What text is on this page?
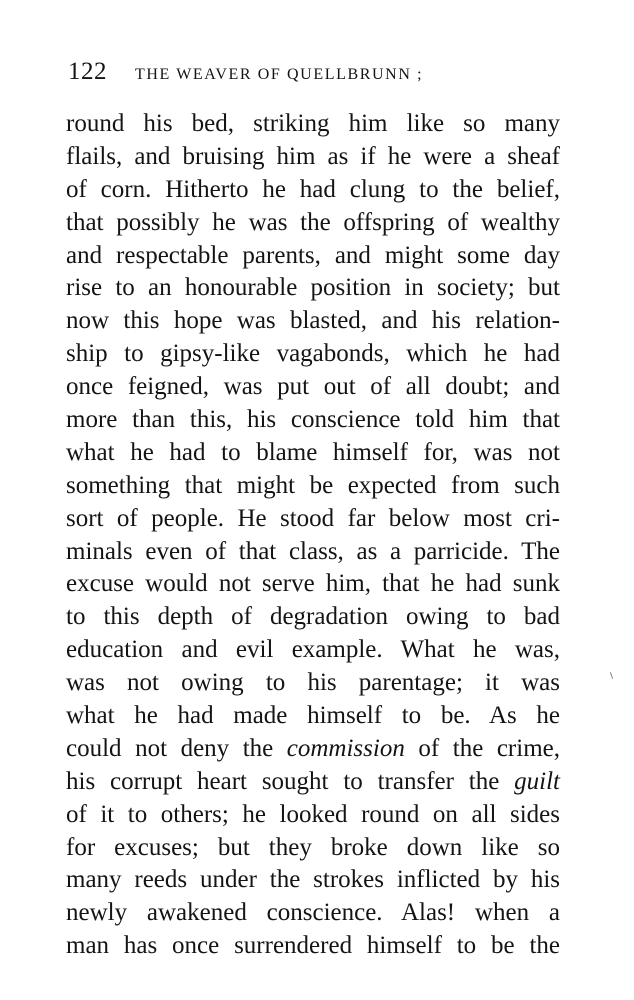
122 THE WEAVER OF QUELLBRUNN ;
round his bed, striking him like so many
flails, and bruising him as if he were a sheaf
of corn. Hitherto he had clung to the belief,
that possibly he was the offspring of wealthy
and respectable parents, and might some day
rise to an honourable position in society; but
now this hope was blasted, and his relation-
ship to gipsy-like vagabonds, which he had
once feigned, was put out of all doubt; and
more than this, his conscience told him that
what he had to blame himself for, was not
something that might be expected from such
sort of people. He stood far below most cri-
minals even of that class, as a parricide. The
excuse would not serve him, that he had sunk
to this depth of degradation owing to bad
education and evil example. What he was,
was not owing to his parentage; it was
what he had made himself to be. As he
could not deny the commission of the crime,
his corrupt heart sought to transfer the guilt
of it to others; he looked round on all sides
for excuses; but they broke down like so
many reeds under the strokes inflicted by his
newly awakened conscience. Alas! when a
man has once surrendered himself to be the
